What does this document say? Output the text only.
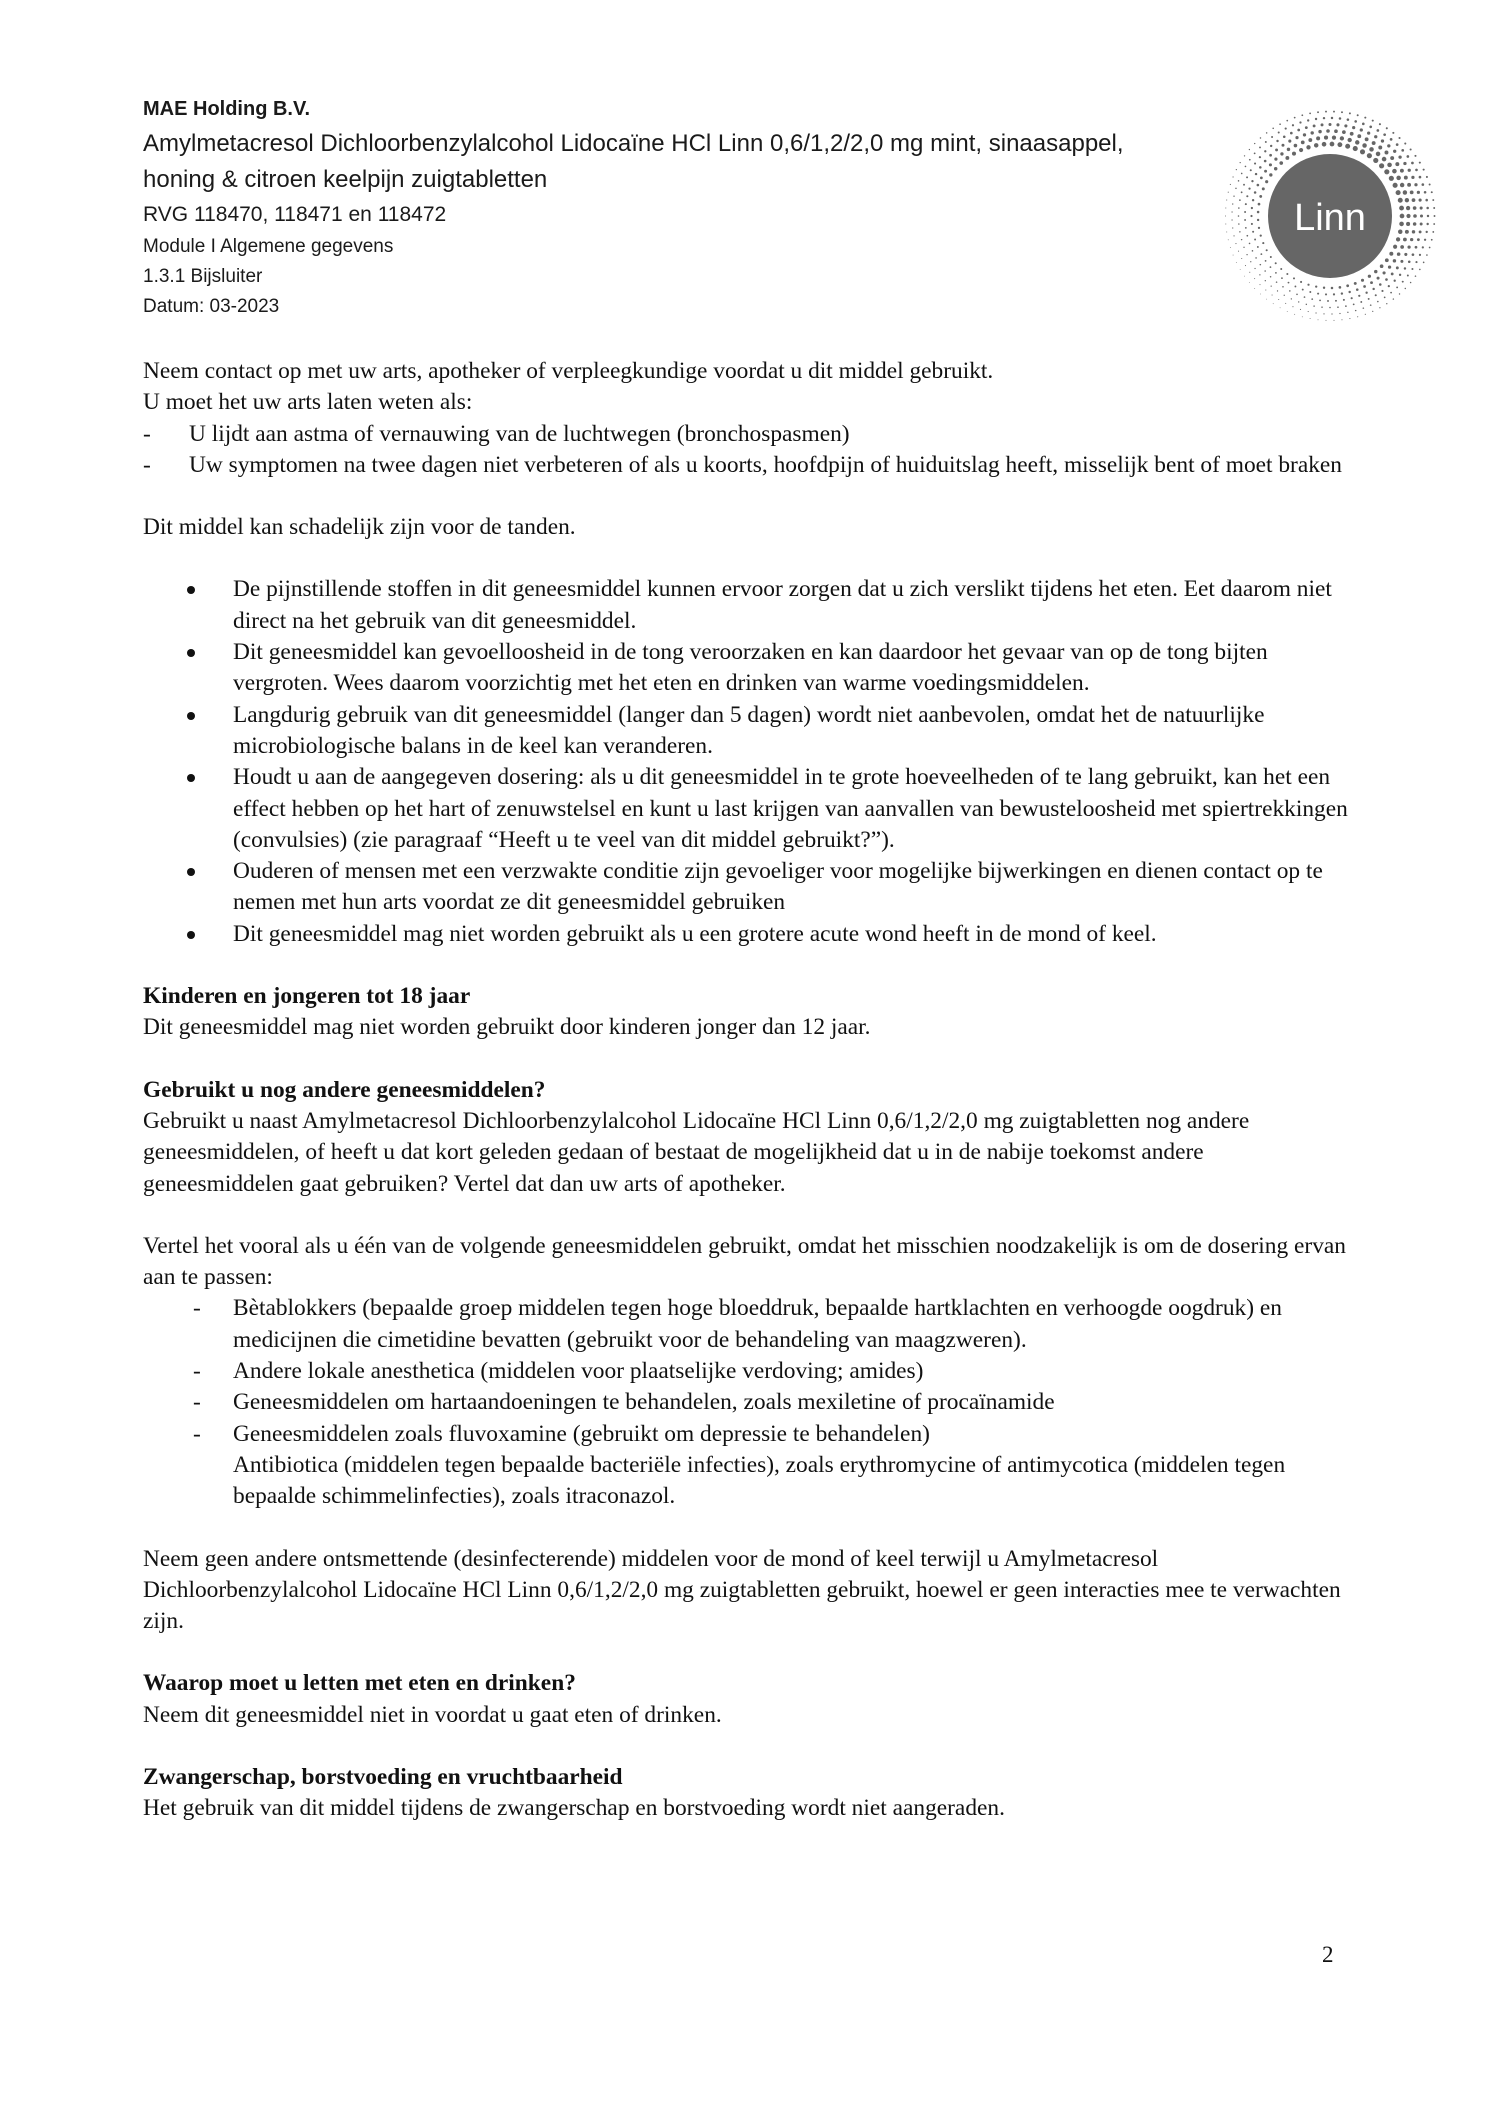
MAE Holding B.V.
Amylmetacresol Dichloorbenzylalcohol Lidocaïne HCl Linn 0,6/1,2/2,0 mg mint, sinaasappel,
honing & citroen keelpijn zuigtabletten
RVG 118470, 118471 en 118472
Module I Algemene gegevens
1.3.1 Bijsluiter
Datum: 03-2023
Linn

Neem contact op met uw arts, apotheker of verpleegkundige voordat u dit middel gebruikt.

U moet het uw arts laten weten als:

- U lijdt aan astma of vernauwing van de luchtwegen (bronchospasmen)
- Uw symptomen na twee dagen niet verbeteren of als u koorts, hoofdpijn of huiduitslag heeft, misselijk bent of moet braken

Dit middel kan schadelijk zijn voor de tanden.

De pijnstillende stoffen in dit geneesmiddel kunnen ervoor zorgen dat u zich verslikt tijdens het eten. Eet daarom niet direct na het gebruik van dit geneesmiddel.
Dit geneesmiddel kan gevoelloosheid in de tong veroorzaken en kan daardoor het gevaar van op de tong bijten vergroten. Wees daarom voorzichtig met het eten en drinken van warme voedingsmiddelen.
Langdurig gebruik van dit geneesmiddel (langer dan 5 dagen) wordt niet aanbevolen, omdat het de natuurlijke microbiologische balans in de keel kan veranderen.
Houdt u aan de aangegeven dosering: als u dit geneesmiddel in te grote hoeveelheden of te lang gebruikt, kan het een effect hebben op het hart of zenuwstelsel en kunt u last krijgen van aanvallen van bewusteloosheid met spiertrekkingen (convulsies) (zie paragraaf “Heeft u te veel van dit middel gebruikt?”).
Ouderen of mensen met een verzwakte conditie zijn gevoeliger voor mogelijke bijwerkingen en dienen contact op te nemen met hun arts voordat ze dit geneesmiddel gebruiken
Dit geneesmiddel mag niet worden gebruikt als u een grotere acute wond heeft in de mond of keel.

Kinderen en jongeren tot 18 jaar

Dit geneesmiddel mag niet worden gebruikt door kinderen jonger dan 12 jaar.

Gebruikt u nog andere geneesmiddelen?

Gebruikt u naast Amylmetacresol Dichloorbenzylalcohol Lidocaïne HCl Linn 0,6/1,2/2,0 mg zuigtabletten nog andere geneesmiddelen, of heeft u dat kort geleden gedaan of bestaat de mogelijkheid dat u in de nabije toekomst andere geneesmiddelen gaat gebruiken? Vertel dat dan uw arts of apotheker.

Vertel het vooral als u één van de volgende geneesmiddelen gebruikt, omdat het misschien noodzakelijk is om de dosering ervan aan te passen:

- Bètablokkers (bepaalde groep middelen tegen hoge bloeddruk, bepaalde hartklachten en verhoogde oogdruk) en medicijnen die cimetidine bevatten (gebruikt voor de behandeling van maagzweren).
- Andere lokale anesthetica (middelen voor plaatselijke verdoving; amides)
- Geneesmiddelen om hartaandoeningen te behandelen, zoals mexiletine of procaïnamide
- Geneesmiddelen zoals fluvoxamine (gebruikt om depressie te behandelen)

Antibiotica (middelen tegen bepaalde bacteriële infecties), zoals erythromycine of antimycotica (middelen tegen bepaalde schimmelinfecties), zoals itraconazol.

Neem geen andere ontsmettende (desinfecterende) middelen voor de mond of keel terwijl u Amylmetacresol Dichloorbenzylalcohol Lidocaïne HCl Linn 0,6/1,2/2,0 mg zuigtabletten gebruikt, hoewel er geen interacties mee te verwachten zijn.

Waarop moet u letten met eten en drinken?

Neem dit geneesmiddel niet in voordat u gaat eten of drinken.

Zwangerschap, borstvoeding en vruchtbaarheid

Het gebruik van dit middel tijdens de zwangerschap en borstvoeding wordt niet aangeraden.

2
